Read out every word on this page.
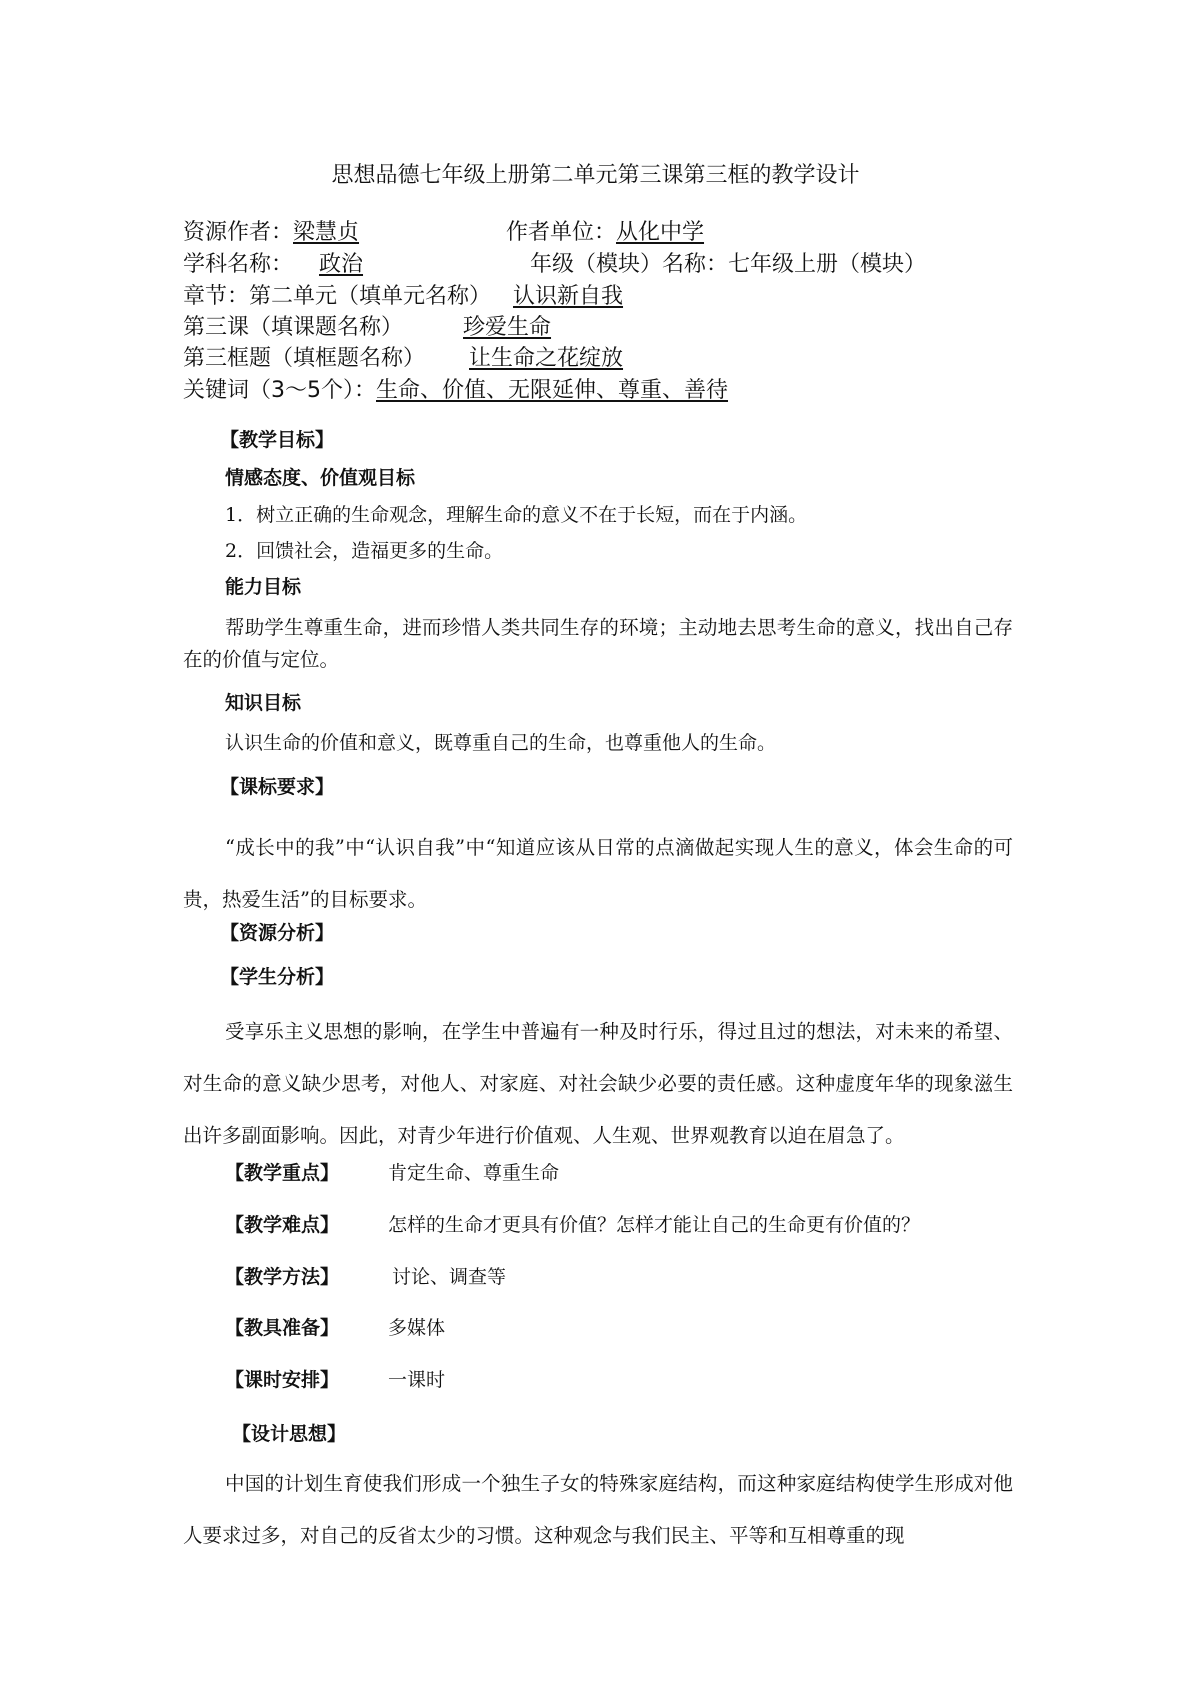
思想品德七年级上册第二单元第三课第三框的教学设计
资源作者：梁慧贞	作者单位：从化中学
学科名称： 政治	年级（模块）名称：七年级上册（模块）
章节：第二单元（填单元名称） 认识新自我
第三课（填课题名称）	珍爱生命
第三框题（填框题名称） 让生命之花绽放
关键词（3～5个）：生命、价值、无限延伸、尊重、善待
【教学目标】
情感态度、价值观目标
1．树立正确的生命观念，理解生命的意义不在于长短，而在于内涵。
2．回馈社会，造福更多的生命。
能力目标
帮助学生尊重生命，进而珍惜人类共同生存的环境；主动地去思考生命的意义，找出自己存在的价值与定位。
知识目标
认识生命的价值和意义，既尊重自己的生命，也尊重他人的生命。
【课标要求】
“成长中的我”中“认识自我”中“知道应该从日常的点滴做起实现人生的意义，体会生命的可贵，热爱生活”的目标要求。
【资源分析】
【学生分析】
受享乐主义思想的影响，在学生中普遍有一种及时行乐，得过且过的想法，对未来的希望、对生命的意义缺少思考，对他人、对家庭、对社会缺少必要的责任感。这种虚度年华的现象滋生出许多副面影响。因此，对青少年进行价值观、人生观、世界观教育以迫在眉急了。
【教学重点】	肯定生命、尊重生命
【教学难点】	怎样的生命才更具有价值？怎样才能让自己的生命更有价值的？
【教学方法】	讨论、调查等
【教具准备】	多媒体
【课时安排】	一课时
【设计思想】
中国的计划生育使我们形成一个独生子女的特殊家庭结构，而这种家庭结构使学生形成对他人要求过多，对自己的反省太少的习惯。这种观念与我们民主、平等和互相尊重的现
